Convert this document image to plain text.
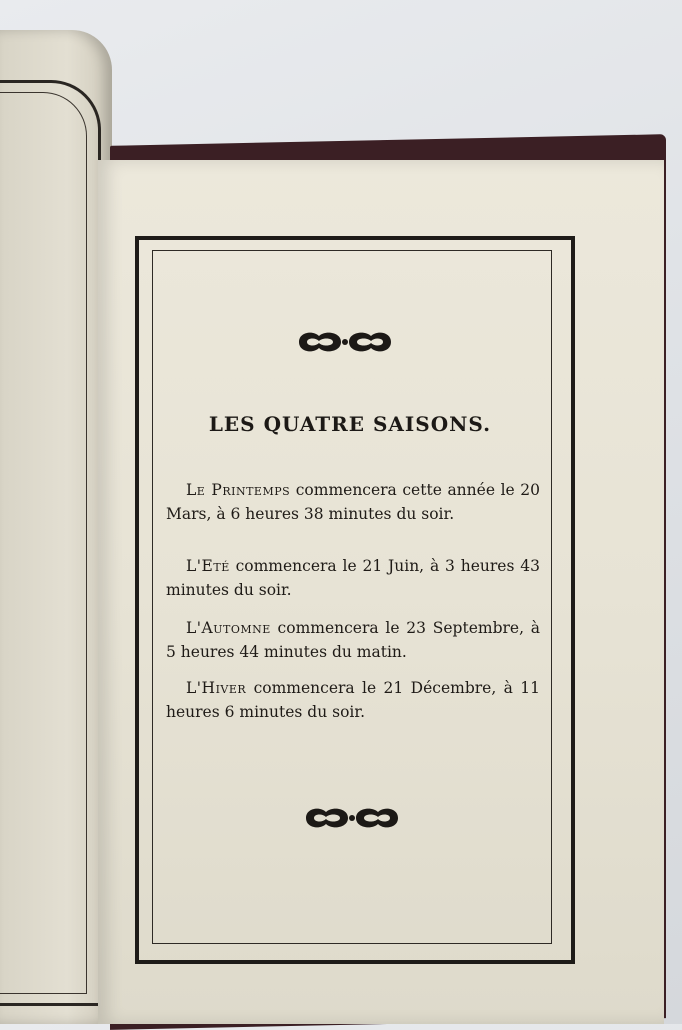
LES QUATRE SAISONS.

Le Printemps commencera cette année le 20 Mars, à 6 heures 38 minutes du soir.

L'Eté commencera le 21 Juin, à 3 heures 43 minutes du soir.

L'Automne commencera le 23 Septembre, à 5 heures 44 minutes du matin.

L'Hiver commencera le 21 Décembre, à 11 heures 6 minutes du soir.
